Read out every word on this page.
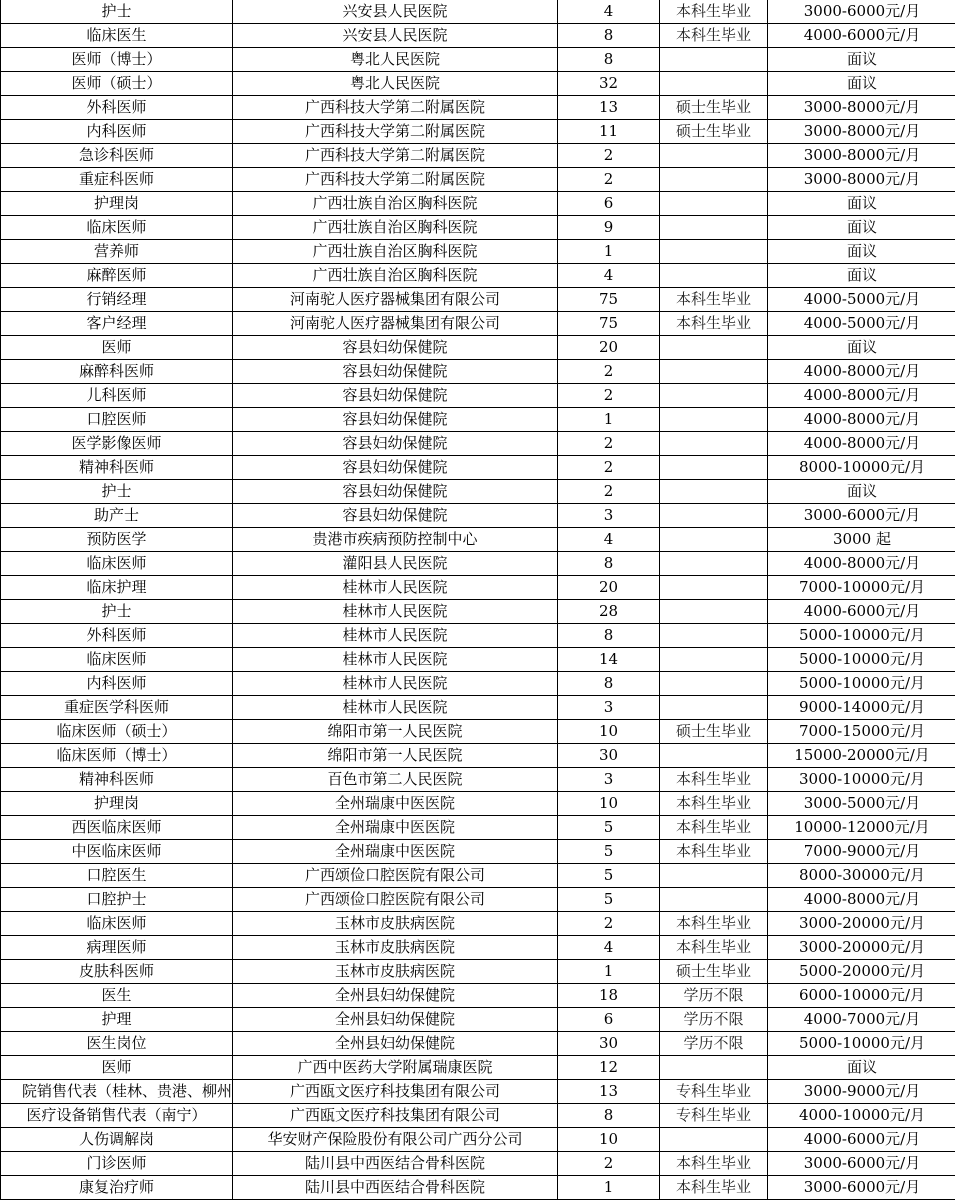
护士	兴安县人民医院	4	本科生毕业	3000-6000元/月
临床医生	兴安县人民医院	8	本科生毕业	4000-6000元/月
医师（博士）	粤北人民医院	8		面议
医师（硕士）	粤北人民医院	32		面议
外科医师	广西科技大学第二附属医院	13	硕士生毕业	3000-8000元/月
内科医师	广西科技大学第二附属医院	11	硕士生毕业	3000-8000元/月
急诊科医师	广西科技大学第二附属医院	2		3000-8000元/月
重症科医师	广西科技大学第二附属医院	2		3000-8000元/月
护理岗	广西壮族自治区胸科医院	6		面议
临床医师	广西壮族自治区胸科医院	9		面议
营养师	广西壮族自治区胸科医院	1		面议
麻醉医师	广西壮族自治区胸科医院	4		面议
行销经理	河南驼人医疗器械集团有限公司	75	本科生毕业	4000-5000元/月
客户经理	河南驼人医疗器械集团有限公司	75	本科生毕业	4000-5000元/月
医师	容县妇幼保健院	20		面议
麻醉科医师	容县妇幼保健院	2		4000-8000元/月
儿科医师	容县妇幼保健院	2		4000-8000元/月
口腔医师	容县妇幼保健院	1		4000-8000元/月
医学影像医师	容县妇幼保健院	2		4000-8000元/月
精神科医师	容县妇幼保健院	2		8000-10000元/月
护士	容县妇幼保健院	2		面议
助产士	容县妇幼保健院	3		3000-6000元/月
预防医学	贵港市疾病预防控制中心	4		3000 起
临床医师	灌阳县人民医院	8		4000-8000元/月
临床护理	桂林市人民医院	20		7000-10000元/月
护士	桂林市人民医院	28		4000-6000元/月
外科医师	桂林市人民医院	8		5000-10000元/月
临床医师	桂林市人民医院	14		5000-10000元/月
内科医师	桂林市人民医院	8		5000-10000元/月
重症医学科医师	桂林市人民医院	3		9000-14000元/月
临床医师（硕士）	绵阳市第一人民医院	10	硕士生毕业	7000-15000元/月
临床医师（博士）	绵阳市第一人民医院	30		15000-20000元/月
精神科医师	百色市第二人民医院	3	本科生毕业	3000-10000元/月
护理岗	全州瑞康中医医院	10	本科生毕业	3000-5000元/月
西医临床医师	全州瑞康中医医院	5	本科生毕业	10000-12000元/月
中医临床医师	全州瑞康中医医院	5	本科生毕业	7000-9000元/月
口腔医生	广西颂俭口腔医院有限公司	5		8000-30000元/月
口腔护士	广西颂俭口腔医院有限公司	5		4000-8000元/月
临床医师	玉林市皮肤病医院	2	本科生毕业	3000-20000元/月
病理医师	玉林市皮肤病医院	4	本科生毕业	3000-20000元/月
皮肤科医师	玉林市皮肤病医院	1	硕士生毕业	5000-20000元/月
医生	全州县妇幼保健院	18	学历不限	6000-10000元/月
护理	全州县妇幼保健院	6	学历不限	4000-7000元/月
医生岗位	全州县妇幼保健院	30	学历不限	5000-10000元/月
医师	广西中医药大学附属瑞康医院	12		面议
院销售代表（桂林、贵港、柳州	广西瓯文医疗科技集团有限公司	13	专科生毕业	3000-9000元/月
医疗设备销售代表（南宁）	广西瓯文医疗科技集团有限公司	8	专科生毕业	4000-10000元/月
人伤调解岗	华安财产保险股份有限公司广西分公司	10		4000-6000元/月
门诊医师	陆川县中西医结合骨科医院	2	本科生毕业	3000-6000元/月
康复治疗师	陆川县中西医结合骨科医院	1	本科生毕业	3000-6000元/月
